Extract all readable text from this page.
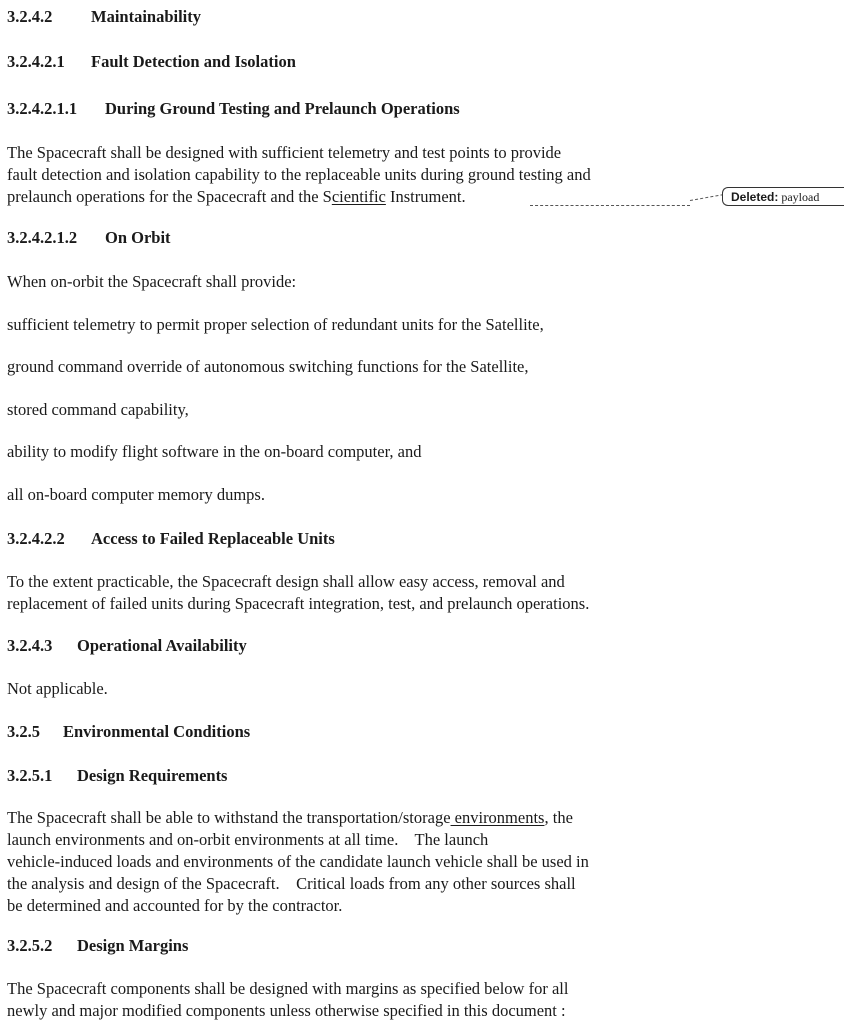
3.2.4.2 Maintainability
3.2.4.2.1 Fault Detection and Isolation
3.2.4.2.1.1 During Ground Testing and Prelaunch Operations
The Spacecraft shall be designed with sufficient telemetry and test points to provide
fault detection and isolation capability to the replaceable units during ground testing and
prelaunch operations for the Spacecraft and the Scientific Instrument.	Deleted: payload
3.2.4.2.1.2 On Orbit
When on-orbit the Spacecraft shall provide:
sufficient telemetry to permit proper selection of redundant units for the Satellite,
ground command override of autonomous switching functions for the Satellite,
stored command capability,
ability to modify flight software in the on-board computer, and
all on-board computer memory dumps.
3.2.4.2.2 Access to Failed Replaceable Units
To the extent practicable, the Spacecraft design shall allow easy access, removal and
replacement of failed units during Spacecraft integration, test, and prelaunch operations.
3.2.4.3 Operational Availability
Not applicable.
3.2.5 Environmental Conditions
3.2.5.1 Design Requirements
The Spacecraft shall be able to withstand the transportation/storage environments, the
launch environments and on-orbit environments at all time.    The launch
vehicle-induced loads and environments of the candidate launch vehicle shall be used in
the analysis and design of the Spacecraft.    Critical loads from any other sources shall
be determined and accounted for by the contractor.
3.2.5.2 Design Margins
The Spacecraft components shall be designed with margins as specified below for all
newly and major modified components unless otherwise specified in this document :
